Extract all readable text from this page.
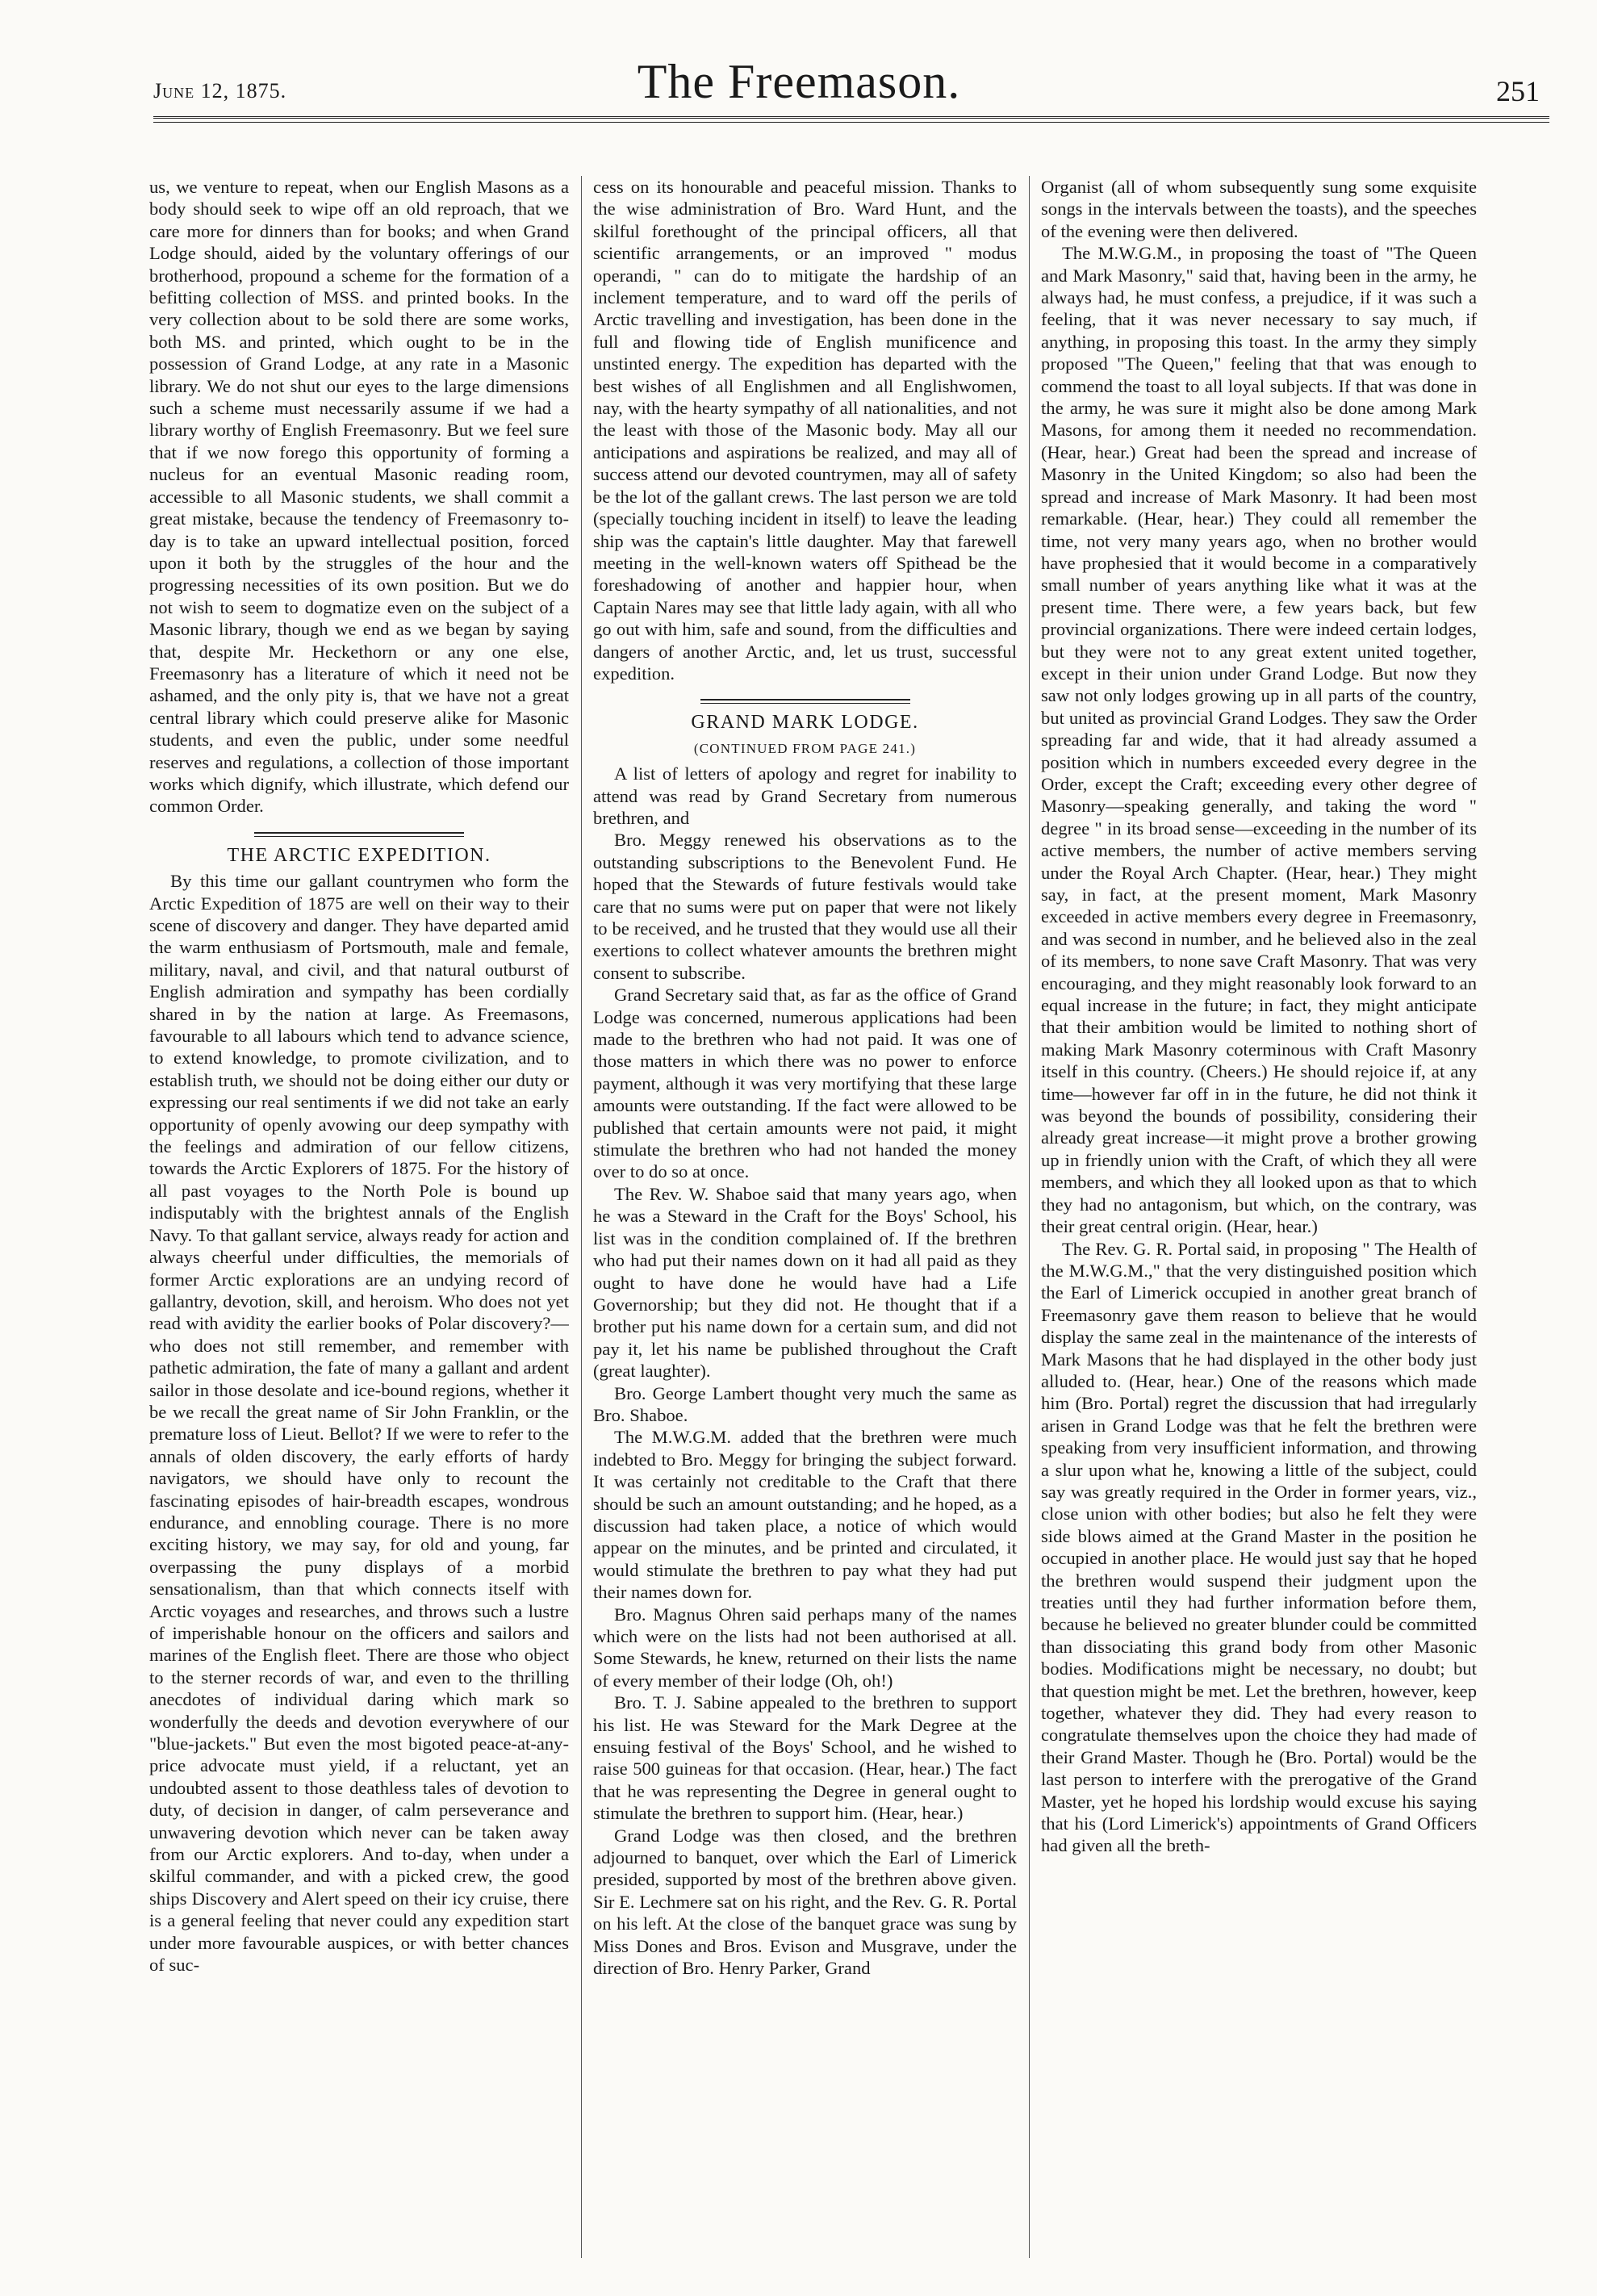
June 12, 1875.	The Freemason.	251

us, we venture to repeat, when our English Masons as a body should seek to wipe off an old reproach, that we care more for dinners than for books; and when Grand Lodge should, aided by the voluntary offerings of our brotherhood, propound a scheme for the formation of a befitting collection of MSS. and printed books. In the very collection about to be sold there are some works, both MS. and printed, which ought to be in the possession of Grand Lodge, at any rate in a Masonic library. We do not shut our eyes to the large dimensions such a scheme must necessarily assume if we had a library worthy of English Freemasonry. But we feel sure that if we now forego this opportunity of forming a nucleus for an eventual Masonic reading room, accessible to all Masonic students, we shall commit a great mistake, because the tendency of Freemasonry to-day is to take an upward intellectual position, forced upon it both by the struggles of the hour and the progressing necessities of its own position. But we do not wish to seem to dogmatize even on the subject of a Masonic library, though we end as we began by saying that, despite Mr. Heckethorn or any one else, Freemasonry has a literature of which it need not be ashamed, and the only pity is, that we have not a great central library which could preserve alike for Masonic students, and even the public, under some needful reserves and regulations, a collection of those important works which dignify, which illustrate, which defend our common Order.

THE ARCTIC EXPEDITION.

By this time our gallant countrymen who form the Arctic Expedition of 1875 are well on their way to their scene of discovery and danger. They have departed amid the warm enthusiasm of Portsmouth, male and female, military, naval, and civil, and that natural outburst of English admiration and sympathy has been cordially shared in by the nation at large. As Freemasons, favourable to all labours which tend to advance science, to extend knowledge, to promote civilization, and to establish truth, we should not be doing either our duty or expressing our real sentiments if we did not take an early opportunity of openly avowing our deep sympathy with the feelings and admiration of our fellow citizens, towards the Arctic Explorers of 1875. For the history of all past voyages to the North Pole is bound up indisputably with the brightest annals of the English Navy. To that gallant service, always ready for action and always cheerful under difficulties, the memorials of former Arctic explorations are an undying record of gallantry, devotion, skill, and heroism. Who does not yet read with avidity the earlier books of Polar discovery?—who does not still remember, and remember with pathetic admiration, the fate of many a gallant and ardent sailor in those desolate and ice-bound regions, whether it be we recall the great name of Sir John Franklin, or the premature loss of Lieut. Bellot? If we were to refer to the annals of olden discovery, the early efforts of hardy navigators, we should have only to recount the fascinating episodes of hair-breadth escapes, wondrous endurance, and ennobling courage. There is no more exciting history, we may say, for old and young, far overpassing the puny displays of a morbid sensationalism, than that which connects itself with Arctic voyages and researches, and throws such a lustre of imperishable honour on the officers and sailors and marines of the English fleet. There are those who object to the sterner records of war, and even to the thrilling anecdotes of individual daring which mark so wonderfully the deeds and devotion everywhere of our "blue-jackets." But even the most bigoted peace-at-any-price advocate must yield, if a reluctant, yet an undoubted assent to those deathless tales of devotion to duty, of decision in danger, of calm perseverance and unwavering devotion which never can be taken away from our Arctic explorers. And to-day, when under a skilful commander, and with a picked crew, the good ships Discovery and Alert speed on their icy cruise, there is a general feeling that never could any expedition start under more favourable auspices, or with better chances of suc-

cess on its honourable and peaceful mission. Thanks to the wise administration of Bro. Ward Hunt, and the skilful forethought of the principal officers, all that scientific arrangements, or an improved " modus operandi, " can do to mitigate the hardship of an inclement temperature, and to ward off the perils of Arctic travelling and investigation, has been done in the full and flowing tide of English munificence and unstinted energy. The expedition has departed with the best wishes of all Englishmen and all Englishwomen, nay, with the hearty sympathy of all nationalities, and not the least with those of the Masonic body. May all our anticipations and aspirations be realized, and may all of success attend our devoted countrymen, may all of safety be the lot of the gallant crews. The last person we are told (specially touching incident in itself) to leave the leading ship was the captain's little daughter. May that farewell meeting in the well-known waters off Spithead be the foreshadowing of another and happier hour, when Captain Nares may see that little lady again, with all who go out with him, safe and sound, from the difficulties and dangers of another Arctic, and, let us trust, successful expedition.

GRAND MARK LODGE.
(CONTINUED FROM PAGE 241.)

A list of letters of apology and regret for inability to attend was read by Grand Secretary from numerous brethren, and

Bro. Meggy renewed his observations as to the outstanding subscriptions to the Benevolent Fund. He hoped that the Stewards of future festivals would take care that no sums were put on paper that were not likely to be received, and he trusted that they would use all their exertions to collect whatever amounts the brethren might consent to subscribe.

Grand Secretary said that, as far as the office of Grand Lodge was concerned, numerous applications had been made to the brethren who had not paid. It was one of those matters in which there was no power to enforce payment, although it was very mortifying that these large amounts were outstanding. If the fact were allowed to be published that certain amounts were not paid, it might stimulate the brethren who had not handed the money over to do so at once.

The Rev. W. Shaboe said that many years ago, when he was a Steward in the Craft for the Boys' School, his list was in the condition complained of. If the brethren who had put their names down on it had all paid as they ought to have done he would have had a Life Governorship; but they did not. He thought that if a brother put his name down for a certain sum, and did not pay it, let his name be published throughout the Craft (great laughter).

Bro. George Lambert thought very much the same as Bro. Shaboe.

The M.W.G.M. added that the brethren were much indebted to Bro. Meggy for bringing the subject forward. It was certainly not creditable to the Craft that there should be such an amount outstanding; and he hoped, as a discussion had taken place, a notice of which would appear on the minutes, and be printed and circulated, it would stimulate the brethren to pay what they had put their names down for.

Bro. Magnus Ohren said perhaps many of the names which were on the lists had not been authorised at all. Some Stewards, he knew, returned on their lists the name of every member of their lodge (Oh, oh!)

Bro. T. J. Sabine appealed to the brethren to support his list. He was Steward for the Mark Degree at the ensuing festival of the Boys' School, and he wished to raise 500 guineas for that occasion. (Hear, hear.) The fact that he was representing the Degree in general ought to stimulate the brethren to support him. (Hear, hear.)

Grand Lodge was then closed, and the brethren adjourned to banquet, over which the Earl of Limerick presided, supported by most of the brethren above given. Sir E. Lechmere sat on his right, and the Rev. G. R. Portal on his left. At the close of the banquet grace was sung by Miss Dones and Bros. Evison and Musgrave, under the direction of Bro. Henry Parker, Grand

Organist (all of whom subsequently sung some exquisite songs in the intervals between the toasts), and the speeches of the evening were then delivered.

The M.W.G.M., in proposing the toast of "The Queen and Mark Masonry," said that, having been in the army, he always had, he must confess, a prejudice, if it was such a feeling, that it was never necessary to say much, if anything, in proposing this toast. In the army they simply proposed "The Queen," feeling that that was enough to commend the toast to all loyal subjects. If that was done in the army, he was sure it might also be done among Mark Masons, for among them it needed no recommendation. (Hear, hear.) Great had been the spread and increase of Masonry in the United Kingdom; so also had been the spread and increase of Mark Masonry. It had been most remarkable. (Hear, hear.) They could all remember the time, not very many years ago, when no brother would have prophesied that it would become in a comparatively small number of years anything like what it was at the present time. There were, a few years back, but few provincial organizations. There were indeed certain lodges, but they were not to any great extent united together, except in their union under Grand Lodge. But now they saw not only lodges growing up in all parts of the country, but united as provincial Grand Lodges. They saw the Order spreading far and wide, that it had already assumed a position which in numbers exceeded every degree in the Order, except the Craft; exceeding every other degree of Masonry—speaking generally, and taking the word " degree " in its broad sense—exceeding in the number of its active members, the number of active members serving under the Royal Arch Chapter. (Hear, hear.) They might say, in fact, at the present moment, Mark Masonry exceeded in active members every degree in Freemasonry, and was second in number, and he believed also in the zeal of its members, to none save Craft Masonry. That was very encouraging, and they might reasonably look forward to an equal increase in the future; in fact, they might anticipate that their ambition would be limited to nothing short of making Mark Masonry coterminous with Craft Masonry itself in this country. (Cheers.) He should rejoice if, at any time—however far off in in the future, he did not think it was beyond the bounds of possibility, considering their already great increase—it might prove a brother growing up in friendly union with the Craft, of which they all were members, and which they all looked upon as that to which they had no antagonism, but which, on the contrary, was their great central origin. (Hear, hear.)

The Rev. G. R. Portal said, in proposing " The Health of the M.W.G.M.," that the very distinguished position which the Earl of Limerick occupied in another great branch of Freemasonry gave them reason to believe that he would display the same zeal in the maintenance of the interests of Mark Masons that he had displayed in the other body just alluded to. (Hear, hear.) One of the reasons which made him (Bro. Portal) regret the discussion that had irregularly arisen in Grand Lodge was that he felt the brethren were speaking from very insufficient information, and throwing a slur upon what he, knowing a little of the subject, could say was greatly required in the Order in former years, viz., close union with other bodies; but also he felt they were side blows aimed at the Grand Master in the position he occupied in another place. He would just say that he hoped the brethren would suspend their judgment upon the treaties until they had further information before them, because he believed no greater blunder could be committed than dissociating this grand body from other Masonic bodies. Modifications might be necessary, no doubt; but that question might be met. Let the brethren, however, keep together, whatever they did. They had every reason to congratulate themselves upon the choice they had made of their Grand Master. Though he (Bro. Portal) would be the last person to interfere with the prerogative of the Grand Master, yet he hoped his lordship would excuse his saying that his (Lord Limerick's) appointments of Grand Officers had given all the breth-
